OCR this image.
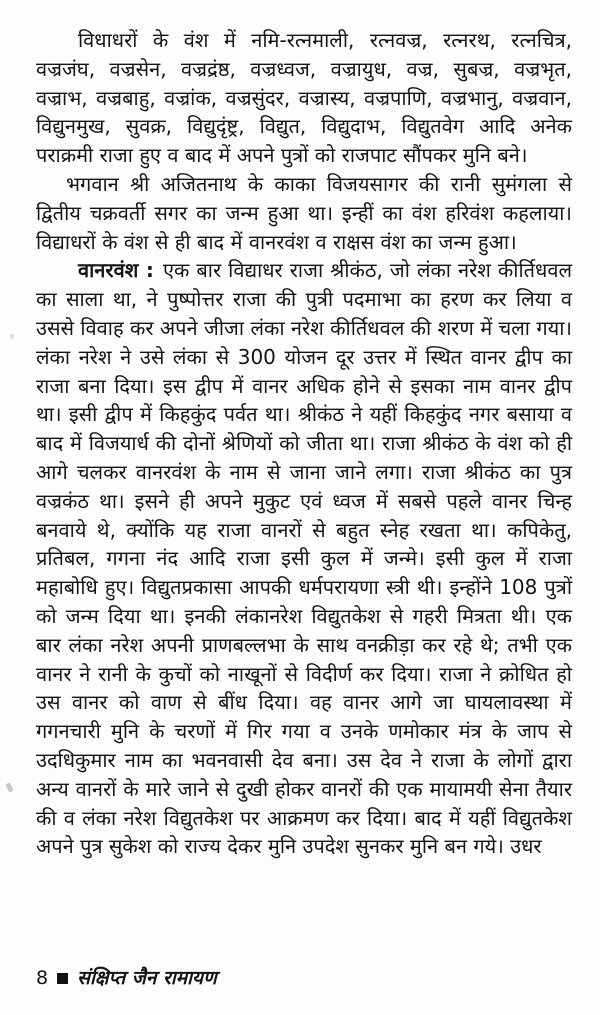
विधाधरों के वंश में नमि-रत्नमाली, रत्नवज्र, रत्नरथ, रत्नचित्र, वज्रजंघ, वज्रसेन, वज्रद्रंष्ठ, वज्रध्वज, वज्रायुध, वज्र, सुबज्र, वज्रभृत, वज्राभ, वज्रबाहु, वज्रांक, वज्रसुंदर, वज्रास्य, वज्रपाणि, वज्रभानु, वज्रवान, विद्युनमुख, सुवक्र, विद्युदृंष्ट्र, विद्युत, विद्युदाभ, विद्युतवेग आदि अनेक पराक्रमी राजा हुए व बाद में अपने पुत्रों को राजपाट सौंपकर मुनि बने।

भगवान श्री अजितनाथ के काका विजयसागर की रानी सुमंगला से द्वितीय चक्रवर्ती सगर का जन्म हुआ था। इन्हीं का वंश हरिवंश कहलाया। विद्याधरों के वंश से ही बाद में वानरवंश व राक्षस वंश का जन्म हुआ।

वानरवंश : एक बार विद्याधर राजा श्रीकंठ, जो लंका नरेश कीर्तिधवल का साला था, ने पुष्पोत्तर राजा की पुत्री पदमाभा का हरण कर लिया व उससे विवाह कर अपने जीजा लंका नरेश कीर्तिधवल की शरण में चला गया। लंका नरेश ने उसे लंका से 300 योजन दूर उत्तर में स्थित वानर द्वीप का राजा बना दिया। इस द्वीप में वानर अधिक होने से इसका नाम वानर द्वीप था। इसी द्वीप में किहकुंद पर्वत था। श्रीकंठ ने यहीं किहकुंद नगर बसाया व बाद में विजयार्ध की दोनों श्रेणियों को जीता था। राजा श्रीकंठ के वंश को ही आगे चलकर वानरवंश के नाम से जाना जाने लगा। राजा श्रीकंठ का पुत्र वज्रकंठ था। इसने ही अपने मुकुट एवं ध्वज में सबसे पहले वानर चिन्ह बनवाये थे, क्योंकि यह राजा वानरों से बहुत स्नेह रखता था। कपिकेतु, प्रतिबल, गगना नंद आदि राजा इसी कुल में जन्मे। इसी कुल में राजा महाबोधि हुए। विद्युतप्रकासा आपकी धर्मपरायणा स्त्री थी। इन्होंने 108 पुत्रों को जन्म दिया था। इनकी लंकानरेश विद्युतकेश से गहरी मित्रता थी। एक बार लंका नरेश अपनी प्राणबल्लभा के साथ वनक्रीड़ा कर रहे थे; तभी एक वानर ने रानी के कुचों को नाखूनों से विदीर्ण कर दिया। राजा ने क्रोधित हो उस वानर को वाण से बींध दिया। वह वानर आगे जा घायलावस्था में गगनचारी मुनि के चरणों में गिर गया व उनके णमोकार मंत्र के जाप से उदधिकुमार नाम का भवनवासी देव बना। उस देव ने राजा के लोगों द्वारा अन्य वानरों के मारे जाने से दुखी होकर वानरों की एक मायामयी सेना तैयार की व लंका नरेश विद्युतकेश पर आक्रमण कर दिया। बाद में यहीं विद्युतकेश अपने पुत्र सुकेश को राज्य देकर मुनि उपदेश सुनकर मुनि बन गये। उधर

8 संक्षिप्त जैन रामायण
